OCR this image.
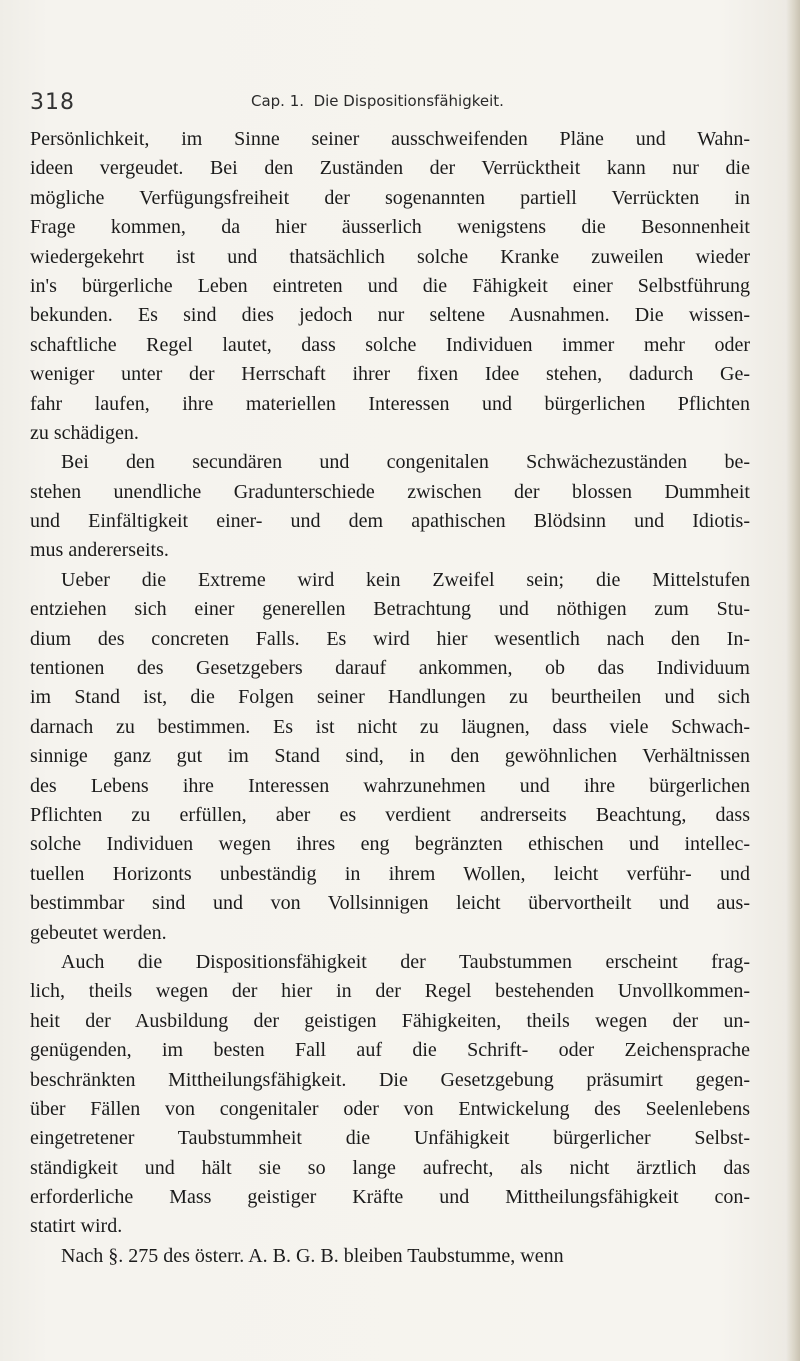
318	Cap. 1.  Die Dispositionsfähigkeit.
Persönlichkeit, im Sinne seiner ausschweifenden Pläne und Wahn-
ideen vergeudet. Bei den Zuständen der Verrücktheit kann nur die
mögliche Verfügungsfreiheit der sogenannten partiell Verrückten in
Frage kommen, da hier äusserlich wenigstens die Besonnenheit
wiedergekehrt ist und thatsächlich solche Kranke zuweilen wieder
in's bürgerliche Leben eintreten und die Fähigkeit einer Selbstführung
bekunden. Es sind dies jedoch nur seltene Ausnahmen. Die wissen-
schaftliche Regel lautet, dass solche Individuen immer mehr oder
weniger unter der Herrschaft ihrer fixen Idee stehen, dadurch Ge-
fahr laufen, ihre materiellen Interessen und bürgerlichen Pflichten
zu schädigen.
Bei den secundären und congenitalen Schwächezuständen be-
stehen unendliche Gradunterschiede zwischen der blossen Dummheit
und Einfältigkeit einer- und dem apathischen Blödsinn und Idiotis-
mus andererseits.
Ueber die Extreme wird kein Zweifel sein; die Mittelstufen
entziehen sich einer generellen Betrachtung und nöthigen zum Stu-
dium des concreten Falls. Es wird hier wesentlich nach den In-
tentionen des Gesetzgebers darauf ankommen, ob das Individuum
im Stand ist, die Folgen seiner Handlungen zu beurtheilen und sich
darnach zu bestimmen. Es ist nicht zu läugnen, dass viele Schwach-
sinnige ganz gut im Stand sind, in den gewöhnlichen Verhältnissen
des Lebens ihre Interessen wahrzunehmen und ihre bürgerlichen
Pflichten zu erfüllen, aber es verdient andrerseits Beachtung, dass
solche Individuen wegen ihres eng begränzten ethischen und intellec-
tuellen Horizonts unbeständig in ihrem Wollen, leicht verführ- und
bestimmbar sind und von Vollsinnigen leicht übervortheilt und aus-
gebeutet werden.
Auch die Dispositionsfähigkeit der Taubstummen erscheint frag-
lich, theils wegen der hier in der Regel bestehenden Unvollkommen-
heit der Ausbildung der geistigen Fähigkeiten, theils wegen der un-
genügenden, im besten Fall auf die Schrift- oder Zeichensprache
beschränkten Mittheilungsfähigkeit. Die Gesetzgebung präsumirt gegen-
über Fällen von congenitaler oder von Entwickelung des Seelenlebens
eingetretener Taubstummheit die Unfähigkeit bürgerlicher Selbst-
ständigkeit und hält sie so lange aufrecht, als nicht ärztlich das
erforderliche Mass geistiger Kräfte und Mittheilungsfähigkeit con-
statirt wird.
Nach §. 275 des österr. A. B. G. B. bleiben Taubstumme, wenn
